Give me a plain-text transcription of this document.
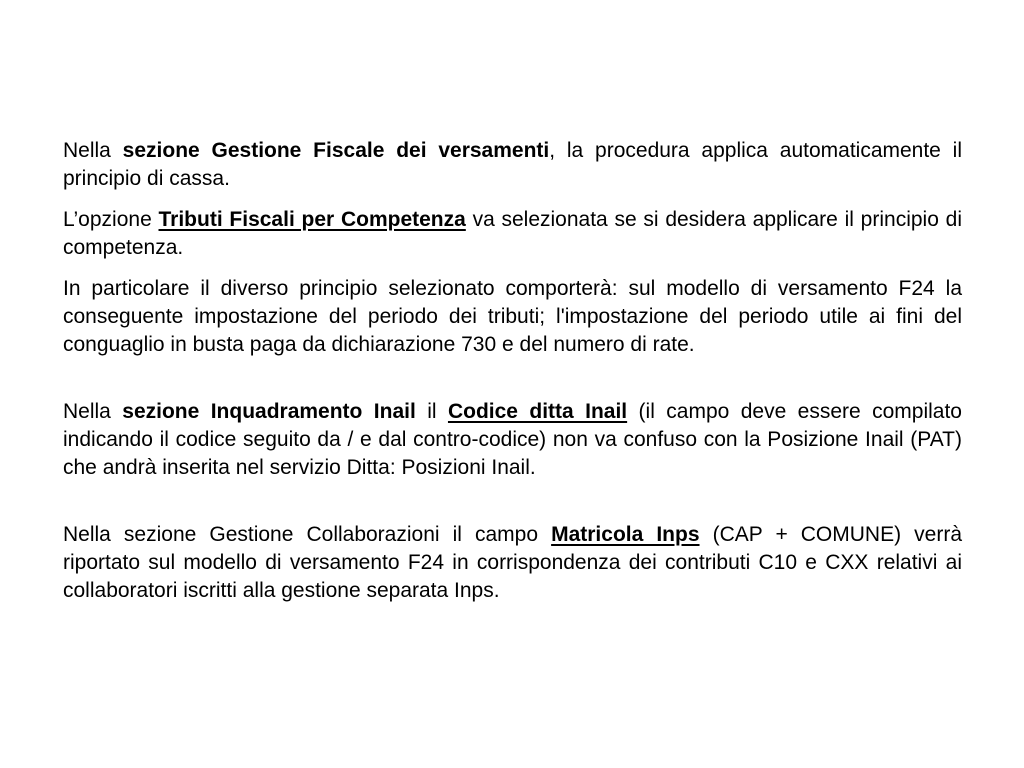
Nella sezione Gestione Fiscale dei versamenti, la procedura applica automaticamente il principio di cassa.

L’opzione Tributi Fiscali per Competenza va selezionata se si desidera applicare il principio di competenza.

In particolare il diverso principio selezionato comporterà: sul modello di versamento F24 la conseguente impostazione del periodo dei tributi; l'impostazione del periodo utile ai fini del conguaglio in busta paga da dichiarazione 730 e del numero di rate.

Nella sezione Inquadramento Inail il Codice ditta Inail (il campo deve essere compilato indicando il codice seguito da / e dal contro-codice) non va confuso con la Posizione Inail (PAT) che andrà inserita nel servizio Ditta: Posizioni Inail.

Nella sezione Gestione Collaborazioni il campo Matricola Inps (CAP + COMUNE) verrà riportato sul modello di versamento F24 in corrispondenza dei contributi C10 e CXX relativi ai collaboratori iscritti alla gestione separata Inps.
